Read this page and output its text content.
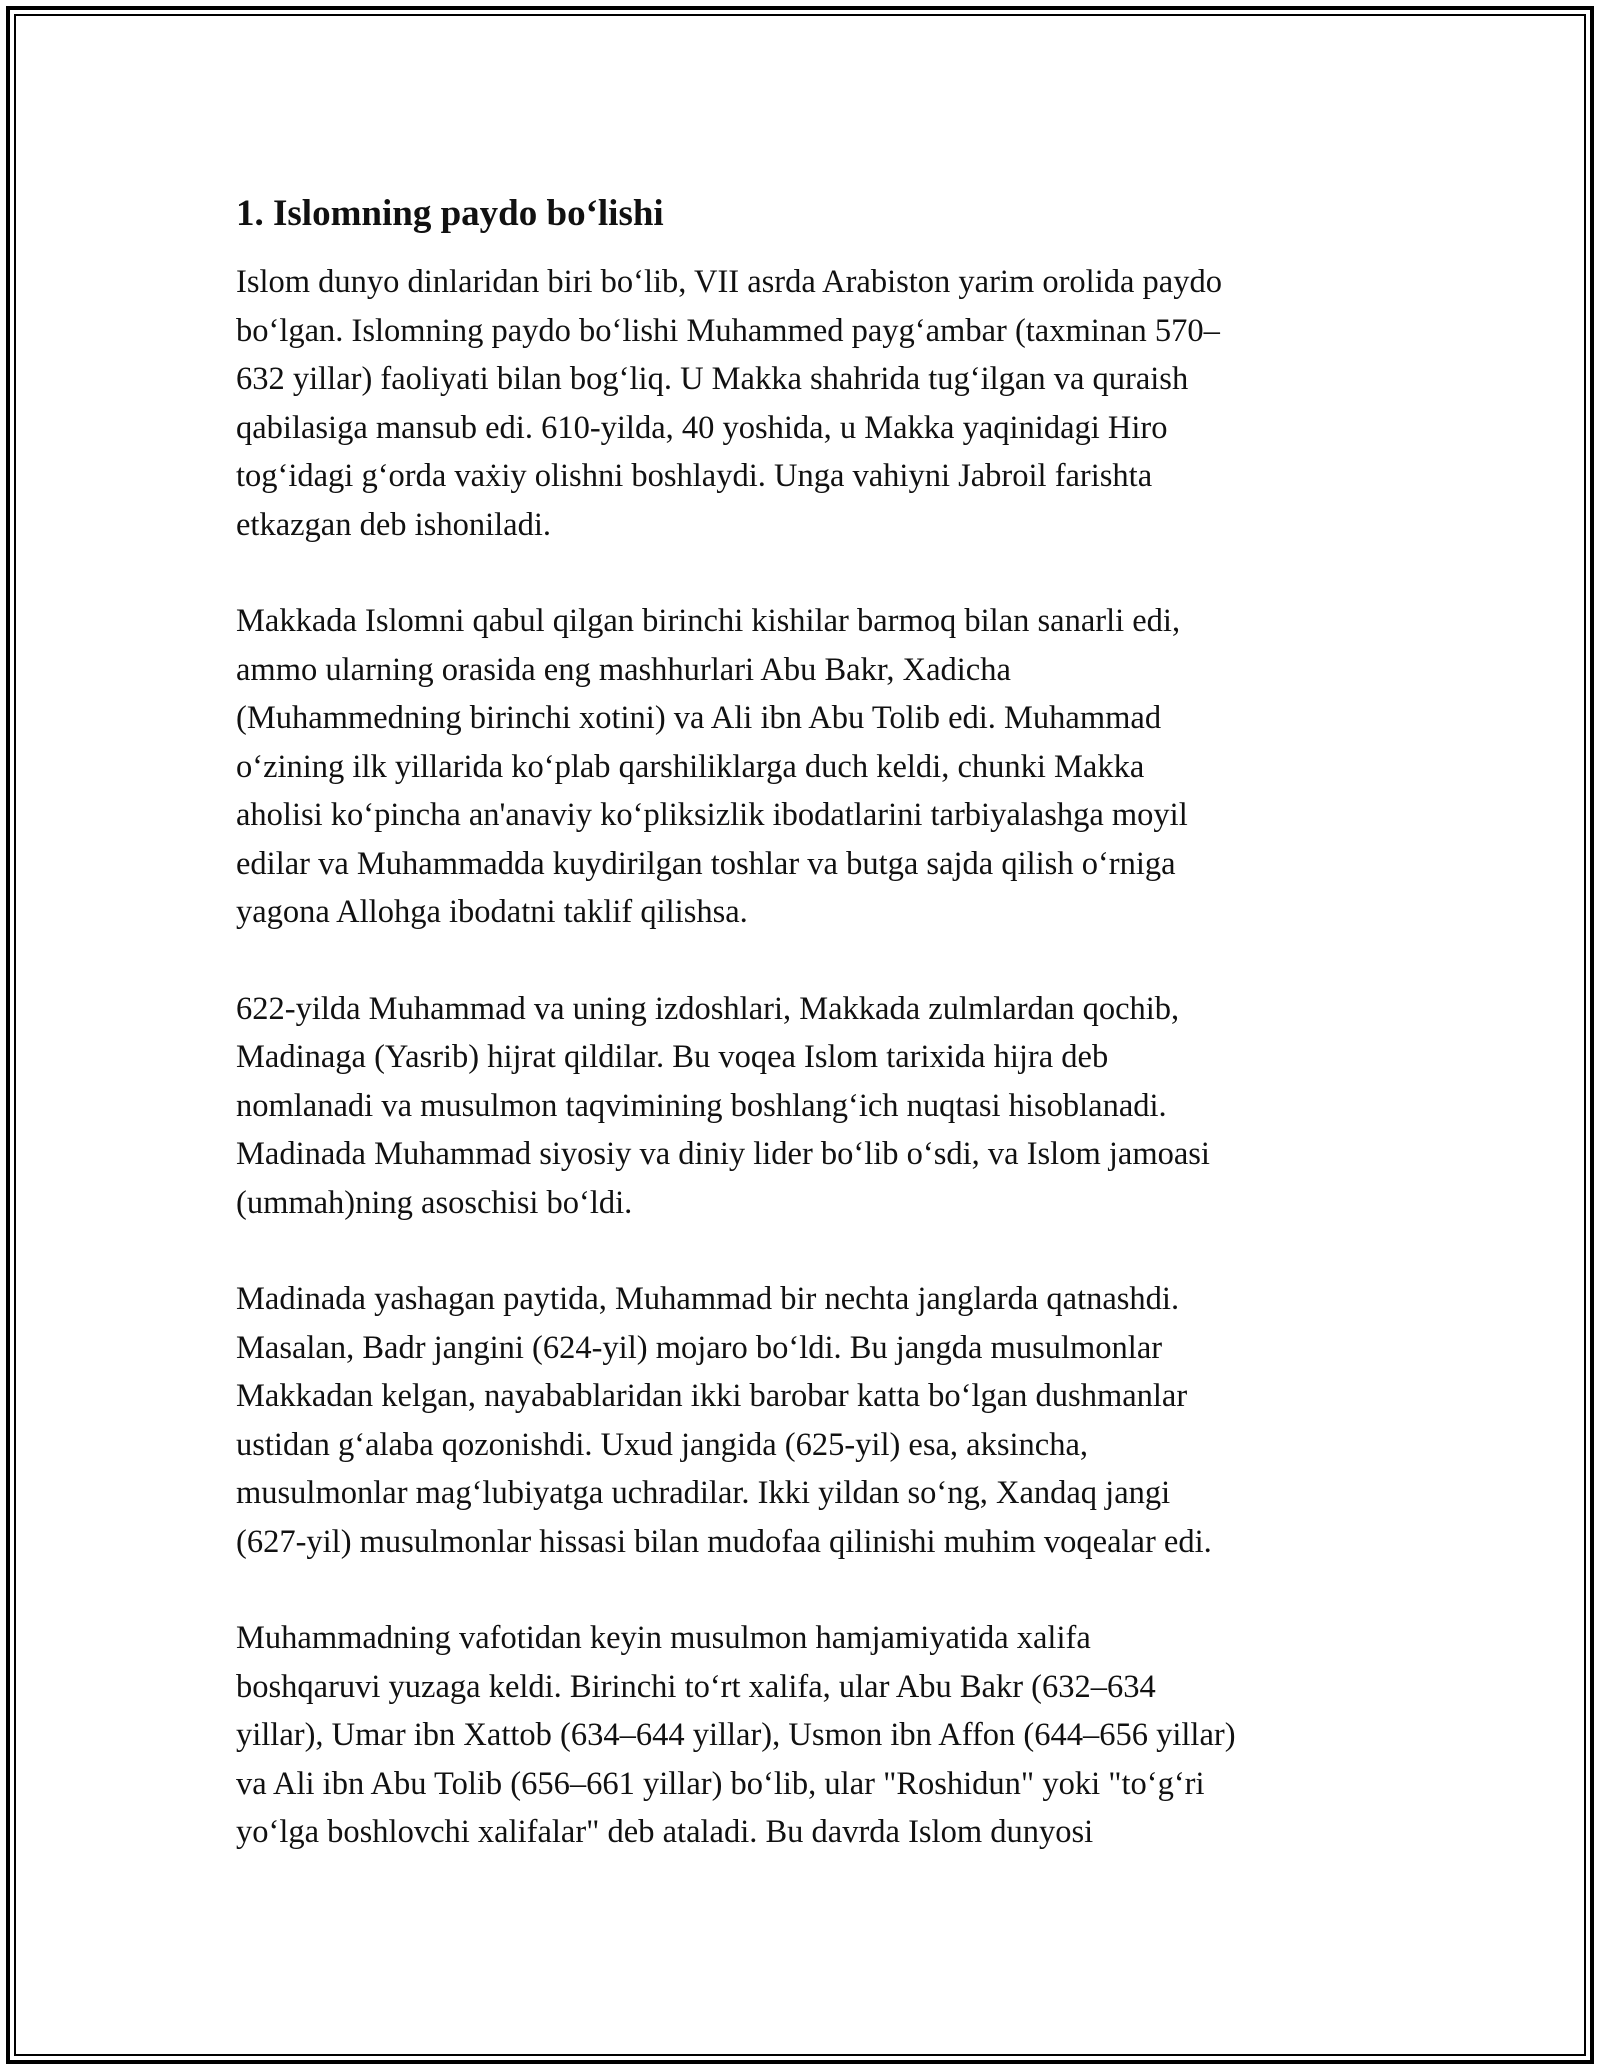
1. Islomning paydo bo‘lishi
Islom dunyo dinlaridan biri bo‘lib, VII asrda Arabiston yarim orolida paydo
bo‘lgan. Islomning paydo bo‘lishi Muhammed payg‘ambar (taxminan 570–
632 yillar) faoliyati bilan bog‘liq. U Makka shahrida tug‘ilgan va quraish
qabilasiga mansub edi. 610-yilda, 40 yoshida, u Makka yaqinidagi Hiro
tog‘idagi g‘orda vaẋiy olishni boshlaydi. Unga vahiyni Jabroil farishta
etkazgan deb ishoniladi.
Makkada Islomni qabul qilgan birinchi kishilar barmoq bilan sanarli edi,
ammo ularning orasida eng mashhurlari Abu Bakr, Xadicha
(Muhammedning birinchi xotini) va Ali ibn Abu Tolib edi. Muhammad
o‘zining ilk yillarida ko‘plab qarshiliklarga duch keldi, chunki Makka
aholisi ko‘pincha an'anaviy ko‘pliksizlik ibodatlarini tarbiyalashga moyil
edilar va Muhammadda kuydirilgan toshlar va butga sajda qilish o‘rniga
yagona Allohga ibodatni taklif qilishsa.
622-yilda Muhammad va uning izdoshlari, Makkada zulmlardan qochib,
Madinaga (Yasrib) hijrat qildilar. Bu voqea Islom tarixida hijra deb
nomlanadi va musulmon taqvimining boshlang‘ich nuqtasi hisoblanadi.
Madinada Muhammad siyosiy va diniy lider bo‘lib o‘sdi, va Islom jamoasi
(ummah)ning asoschisi bo‘ldi.
Madinada yashagan paytida, Muhammad bir nechta janglarda qatnashdi.
Masalan, Badr jangini (624-yil) mojaro bo‘ldi. Bu jangda musulmonlar
Makkadan kelgan, nayabablaridan ikki barobar katta bo‘lgan dushmanlar
ustidan g‘alaba qozonishdi. Uxud jangida (625-yil) esa, aksincha,
musulmonlar mag‘lubiyatga uchradilar. Ikki yildan so‘ng, Xandaq jangi
(627-yil) musulmonlar hissasi bilan mudofaa qilinishi muhim voqealar edi.
Muhammadning vafotidan keyin musulmon hamjamiyatida xalifa
boshqaruvi yuzaga keldi. Birinchi to‘rt xalifa, ular Abu Bakr (632–634
yillar), Umar ibn Xattob (634–644 yillar), Usmon ibn Affon (644–656 yillar)
va Ali ibn Abu Tolib (656–661 yillar) bo‘lib, ular "Roshidun" yoki "to‘g‘ri
yo‘lga boshlovchi xalifalar" deb ataladi. Bu davrda Islom dunyosi
